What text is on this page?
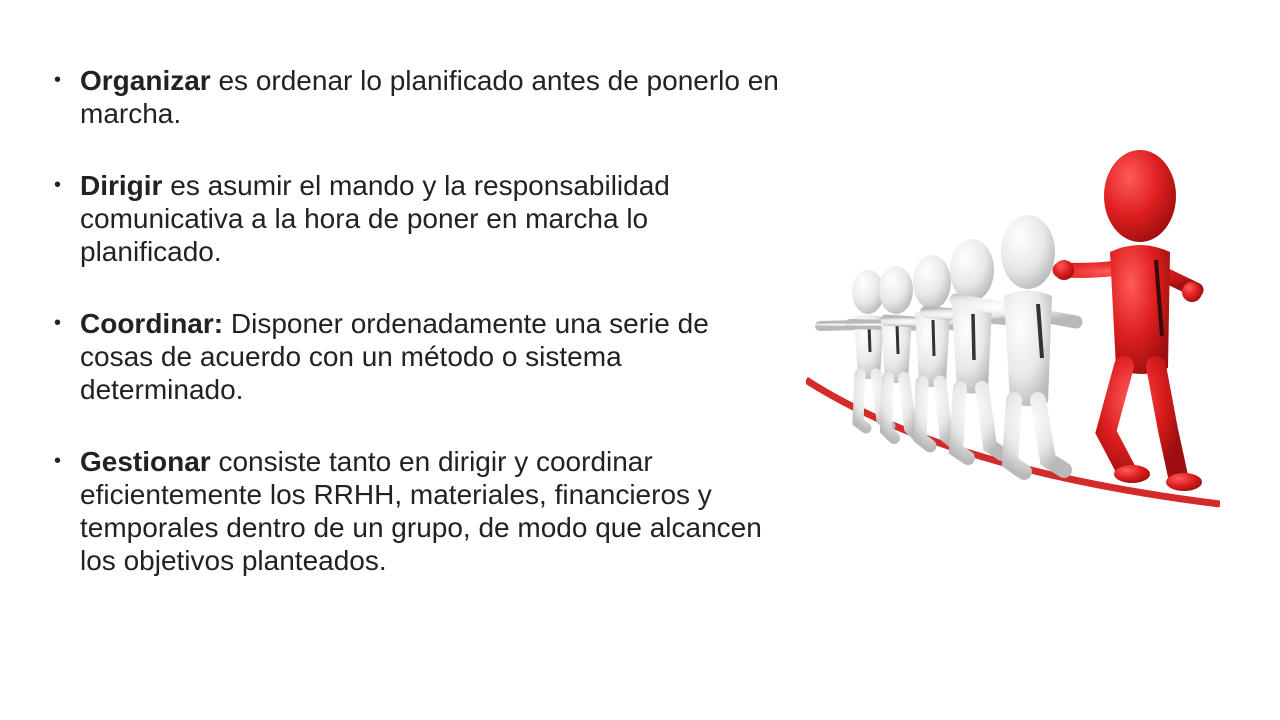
• Organizar es ordenar lo planificado antes de ponerlo en marcha.
• Dirigir es asumir el mando y la responsabilidad comunicativa a la hora de poner en marcha lo planificado.
• Coordinar: Disponer ordenadamente una serie de cosas de acuerdo con un método o sistema determinado.
• Gestionar consiste tanto en dirigir y coordinar eficientemente los RRHH, materiales, financieros y temporales dentro de un grupo, de modo que alcancen los objetivos planteados.
